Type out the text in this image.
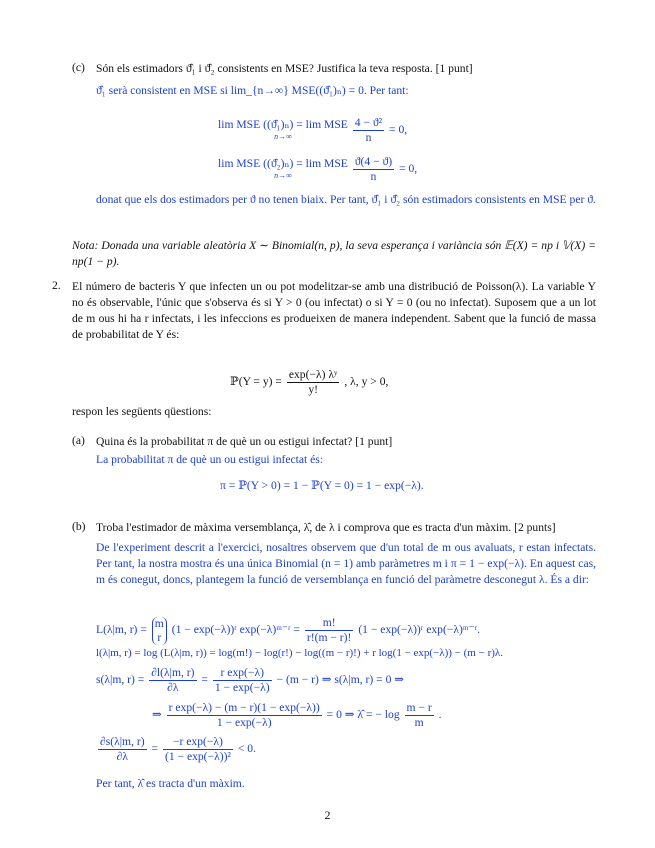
(c) Són els estimadors ϑ̂₁ i ϑ̂₂ consistents en MSE? Justifica la teva resposta. [1 punt]
ϑ̂₁ serà consistent en MSE si lim_{n→∞} MSE((ϑ̂₁)ₙ) = 0. Per tant:
lim MSE ((ϑ̂₁)ₙ) = lim MSE
n→∞
	$\frac{\text{4 − ϑ²}}{n} = 0$,
lim MSE ((ϑ̂₂)ₙ) = lim MSE
n→∞
	$\frac{ϑ(4 - ϑ)}{n} = 0$,
donat que els dos estimadors per ϑ no tenen biaix. Per tant, ϑ̂₁ i ϑ̂₂ són estimadors consistents en MSE per ϑ.
Nota: Donada una variable aleatòria X ∼ Binomial(n, p), la seva esperança i variància són 𝔼(X) = np i 𝕍(X) = np(1 − p).
2. El número de bacteris Y que infecten un ou pot modelitzar-se amb una distribució de Poisson(λ). La variable Y no és observable, l'únic que s'observa és si Y > 0 (ou infectat) o si Y = 0 (ou no infectat). Suposem que a un lot de m ous hi ha r infectats, i les infeccions es produeixen de manera independent. Sabent que la funció de massa de probabilitat de Y és:
ℙ(Y = $y) = \frac{\text{exp(−λ) λʸ}}{y!}$ , λ, y > 0,
respon les següents qüestions:
(a) Quina és la probabilitat π de què un ou estigui infectat? [1 punt]
La probabilitat π de què un ou estigui infectat és:
π = ℙ(Y > 0) = 1 − ℙ(Y = 0) = 1 − exp(−λ).
(b) Troba l'estimador de màxima versemblança, λ̂, de λ i comprova que es tracta d'un màxim. [2 punts]
De l'experiment descrit a l'exercici, nosaltres observem que d'un total de m ous avaluats, r estan infectats. Per tant, la nostra mostra és una única Binomial (n = 1) amb paràmetres m i π = 1 − exp(−λ). En aquest cas, m és conegut, doncs, plantegem la funció de versemblança en funció del paràmetre desconegut λ. És a dir:
L(λ|m, r) =
m
r
(1 − exp(−λ))ʳ exp(−λ)ᵐ⁻ʳ = $\frac{m!}{r!(m - r)!} (1$ − exp(−λ))ʳ exp(−λ)ᵐ⁻ʳ.
l(λ|m, r) = log (L(λ|m, r)) = log(m!) − log(r!) − log((m − r)!) + r log(1 − exp(−λ)) − (m − r)λ.
s(λ|m, $r) = \frac{\partial l(\lambda|m, r)}{\partial\lambda} = \frac{\text{r exp(−λ)}}{1 - \exp(-\lambda)} - (m - r)$ ⇒ s(λ|m, r) = 0 ⇒
⇒ $\frac{\text{r exp(−λ) − (m − r)(1 − exp(−λ))}}{1 - \exp(-\lambda)} = 0$ ⇒ λ̂ = − $\log \frac{m - r}{m}$ .
$\frac{\partial s(\lambda|m, r)}{\partial\lambda} = \frac{\text{−r exp(−λ)}}{\text{(1 − exp(−λ))²}} < 0$.
Per tant, λ̂ es tracta d'un màxim.
2
